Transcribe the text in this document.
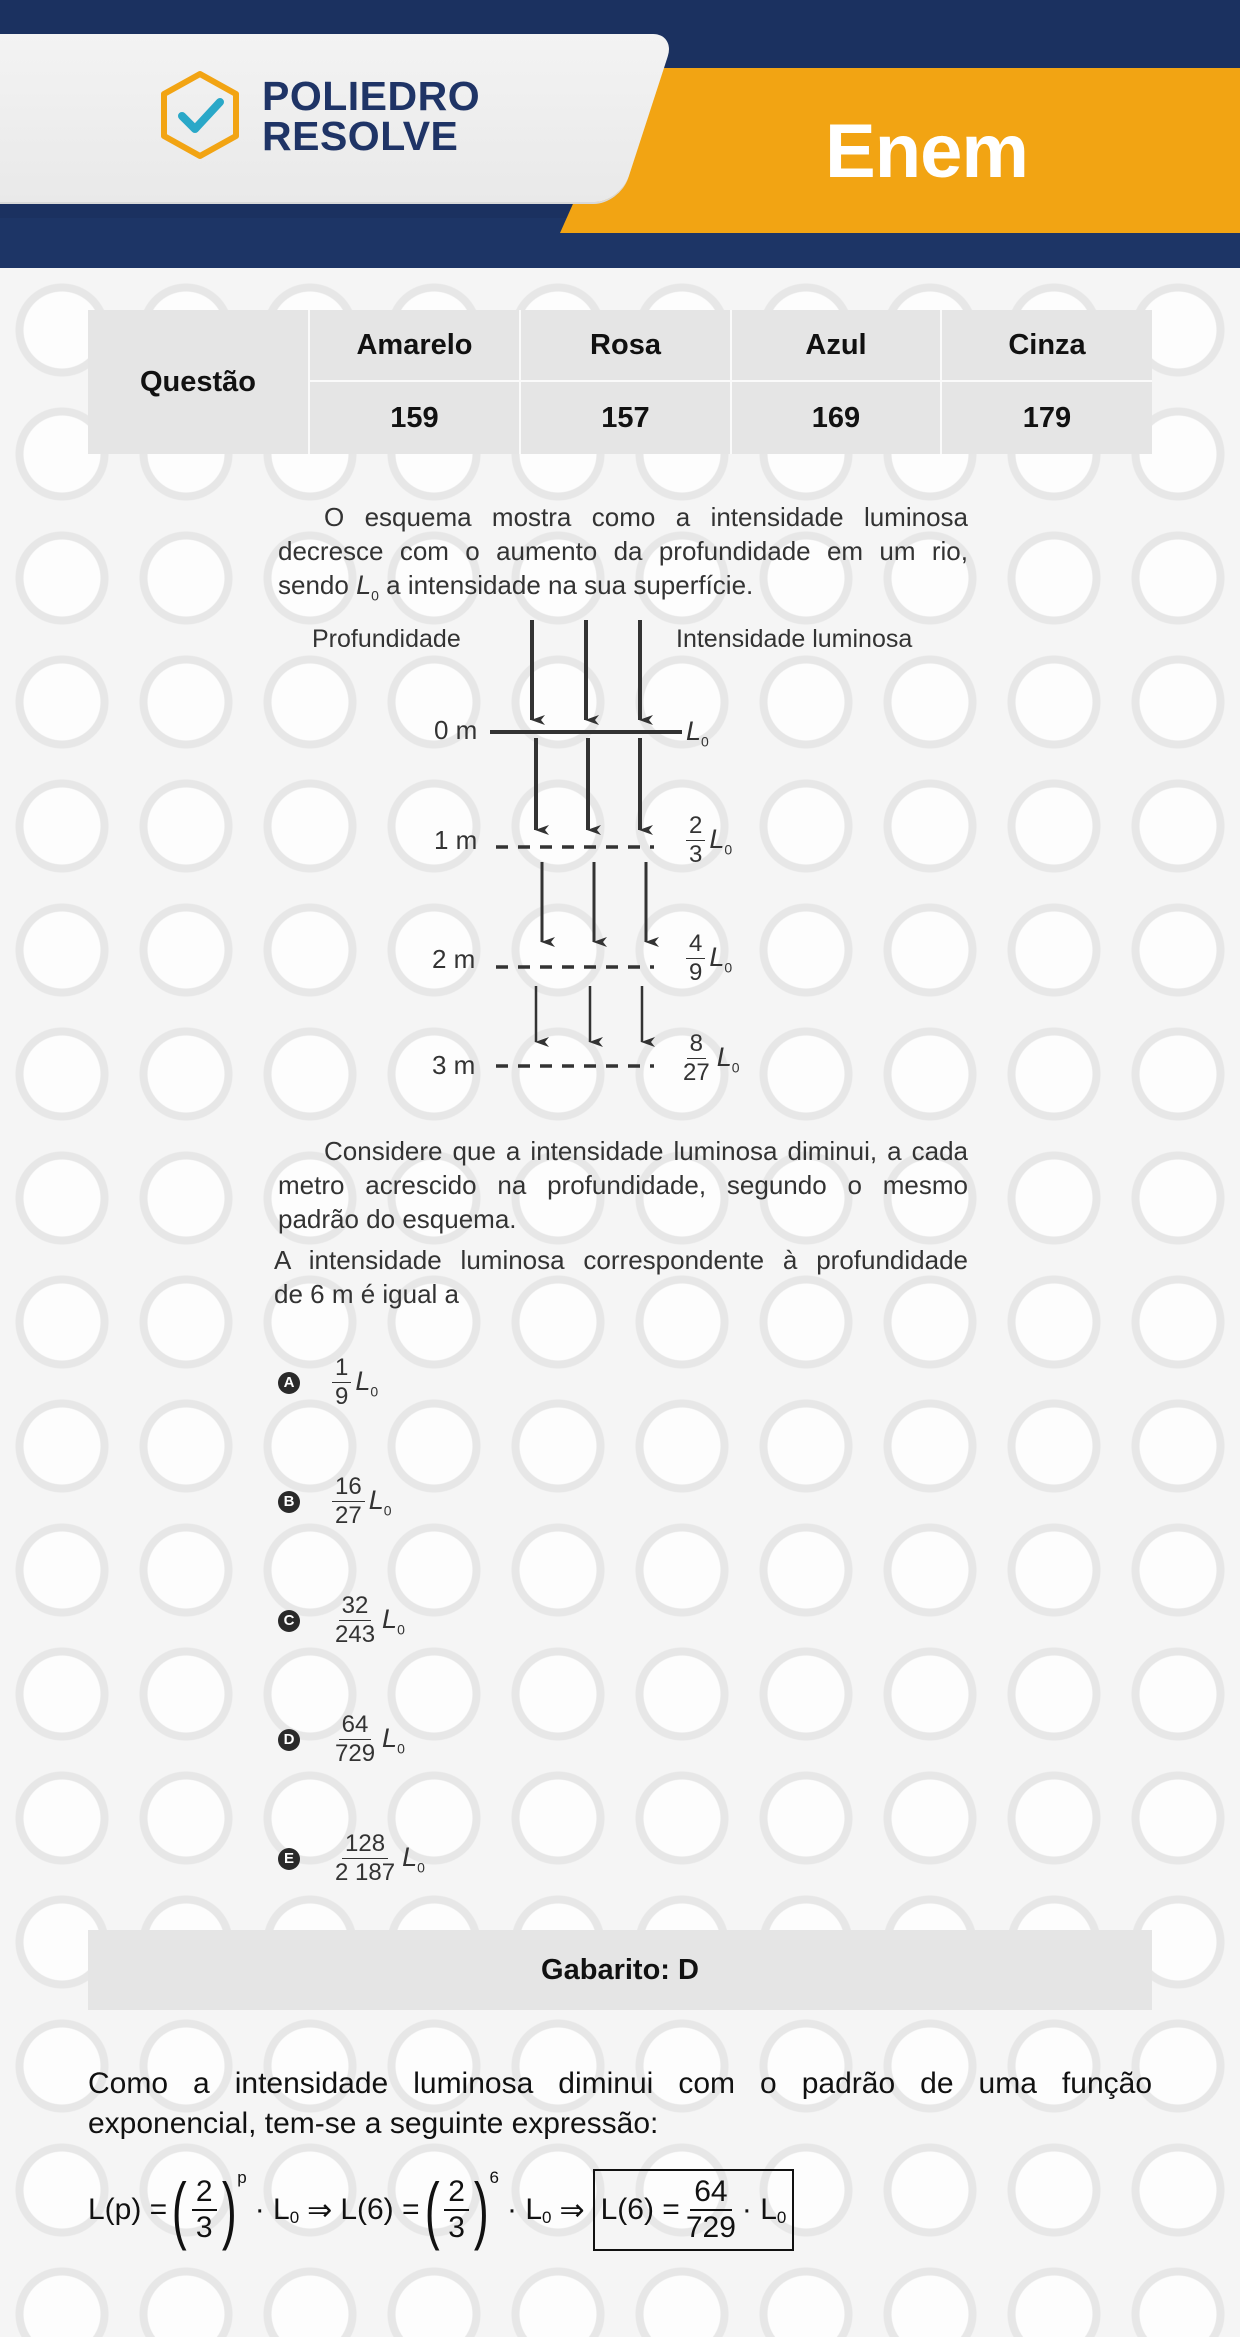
POLIEDRO
RESOLVE	Enem
Questão
Amarelo	Rosa	Azul	Cinza
159	157	169	179
O esquema mostra como a intensidade luminosa
decresce com o aumento da profundidade em um rio,
sendo $L_0$ a intensidade na sua superfície.
Profundidade	Intensidade luminosa
0 m	$L_0$
1 m	$\frac{2}{3} L_0$
2 m	$\frac{4}{9} L_0$
3 m	$\frac{8}{27} L_0$
Considere que a intensidade luminosa diminui, a cada
metro acrescido na profundidade, segundo o mesmo
padrão do esquema.
A intensidade luminosa correspondente à profundidade
de 6 m é igual a
A $\frac{1}{9} L_0$
B $\frac{16}{27} L_0$
C $\frac{32}{243} L_0$
D $\frac{64}{729} L_0$
E $\frac{128}{2 187} L_0$
Gabarito: D
Como a intensidade luminosa diminui com o padrão de uma função exponencial, tem-se a seguinte expressão:
L(p) = ( $\frac{2}{3}$ ) p
· L 0 ⇒ L(6) = ( $\frac{2}{3}$ ) 6
· L 0 ⇒ $L(6) = \frac{64}{729} \cdot L$ 0
